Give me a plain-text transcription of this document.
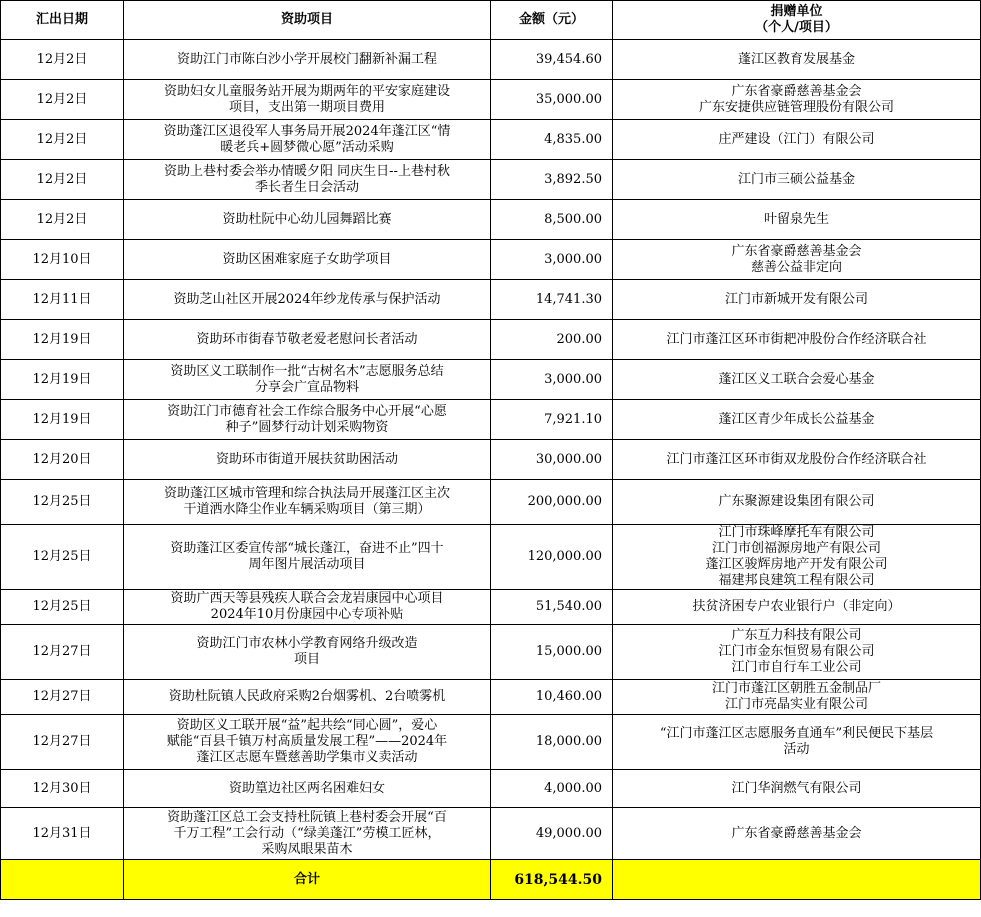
汇出日期	资助项目	金额（元）	捐赠单位
（个人/项目）
12月2日	资助江门市陈白沙小学开展校门翻新补漏工程	39,454.60	蓬江区教育发展基金
12月2日	资助妇女儿童服务站开展为期两年的平安家庭建设
项目，支出第一期项目费用	35,000.00	广东省豪爵慈善基金会
广东安捷供应链管理股份有限公司
12月2日	资助蓬江区退役军人事务局开展2024年蓬江区“情
暖老兵+圆梦微心愿”活动采购	4,835.00	庄严建设（江门）有限公司
12月2日	资助上巷村委会举办情暖夕阳 同庆生日--上巷村秋
季长者生日会活动	3,892.50	江门市三硕公益基金
12月2日	资助杜阮中心幼儿园舞蹈比赛	8,500.00	叶留泉先生
12月10日	资助区困难家庭子女助学项目	3,000.00	广东省豪爵慈善基金会
慈善公益非定向
12月11日	资助芝山社区开展2024年纱龙传承与保护活动	14,741.30	江门市新城开发有限公司
12月19日	资助环市街春节敬老爱老慰问长者活动	200.00	江门市蓬江区环市街耙冲股份合作经济联合社
12月19日	资助区义工联制作一批“古树名木”志愿服务总结
分享会广宣品物料	3,000.00	蓬江区义工联合会爱心基金
12月19日	资助江门市德育社会工作综合服务中心开展“心愿
种子”圆梦行动计划采购物资	7,921.10	蓬江区青少年成长公益基金
12月20日	资助环市街道开展扶贫助困活动	30,000.00	江门市蓬江区环市街双龙股份合作经济联合社
12月25日	资助蓬江区城市管理和综合执法局开展蓬江区主次
干道洒水降尘作业车辆采购项目（第三期）	200,000.00	广东聚源建设集团有限公司
12月25日	资助蓬江区委宣传部“城长蓬江，奋进不止”四十
周年图片展活动项目	120,000.00	江门市珠峰摩托车有限公司
江门市创福源房地产有限公司
蓬江区骏辉房地产开发有限公司
福建邦良建筑工程有限公司
12月25日	资助广西天等县残疾人联合会龙岩康园中心项目
2024年10月份康园中心专项补贴	51,540.00	扶贫济困专户农业银行户（非定向）
12月27日	资助江门市农林小学教育网络升级改造
项目	15,000.00	广东互力科技有限公司
江门市金东恒贸易有限公司
江门市自行车工业公司
12月27日	资助杜阮镇人民政府采购2台烟雾机、2台喷雾机	10,460.00	江门市蓬江区朝胜五金制品厂
江门市亮晶实业有限公司
12月27日	资助区义工联开展“益”起共绘“同心圆”，爱心
赋能“百县千镇万村高质量发展工程”——2024年
蓬江区志愿车暨慈善助学集市义卖活动	18,000.00	“江门市蓬江区志愿服务直通车”利民便民下基层
活动
12月30日	资助篁边社区两名困难妇女	4,000.00	江门华润燃气有限公司
12月31日	资助蓬江区总工会支持杜阮镇上巷村委会开展“百
千万工程”工会行动（“绿美蓬江”劳模工匠林，
采购凤眼果苗木	49,000.00	广东省豪爵慈善基金会
	合计	618,544.50	
